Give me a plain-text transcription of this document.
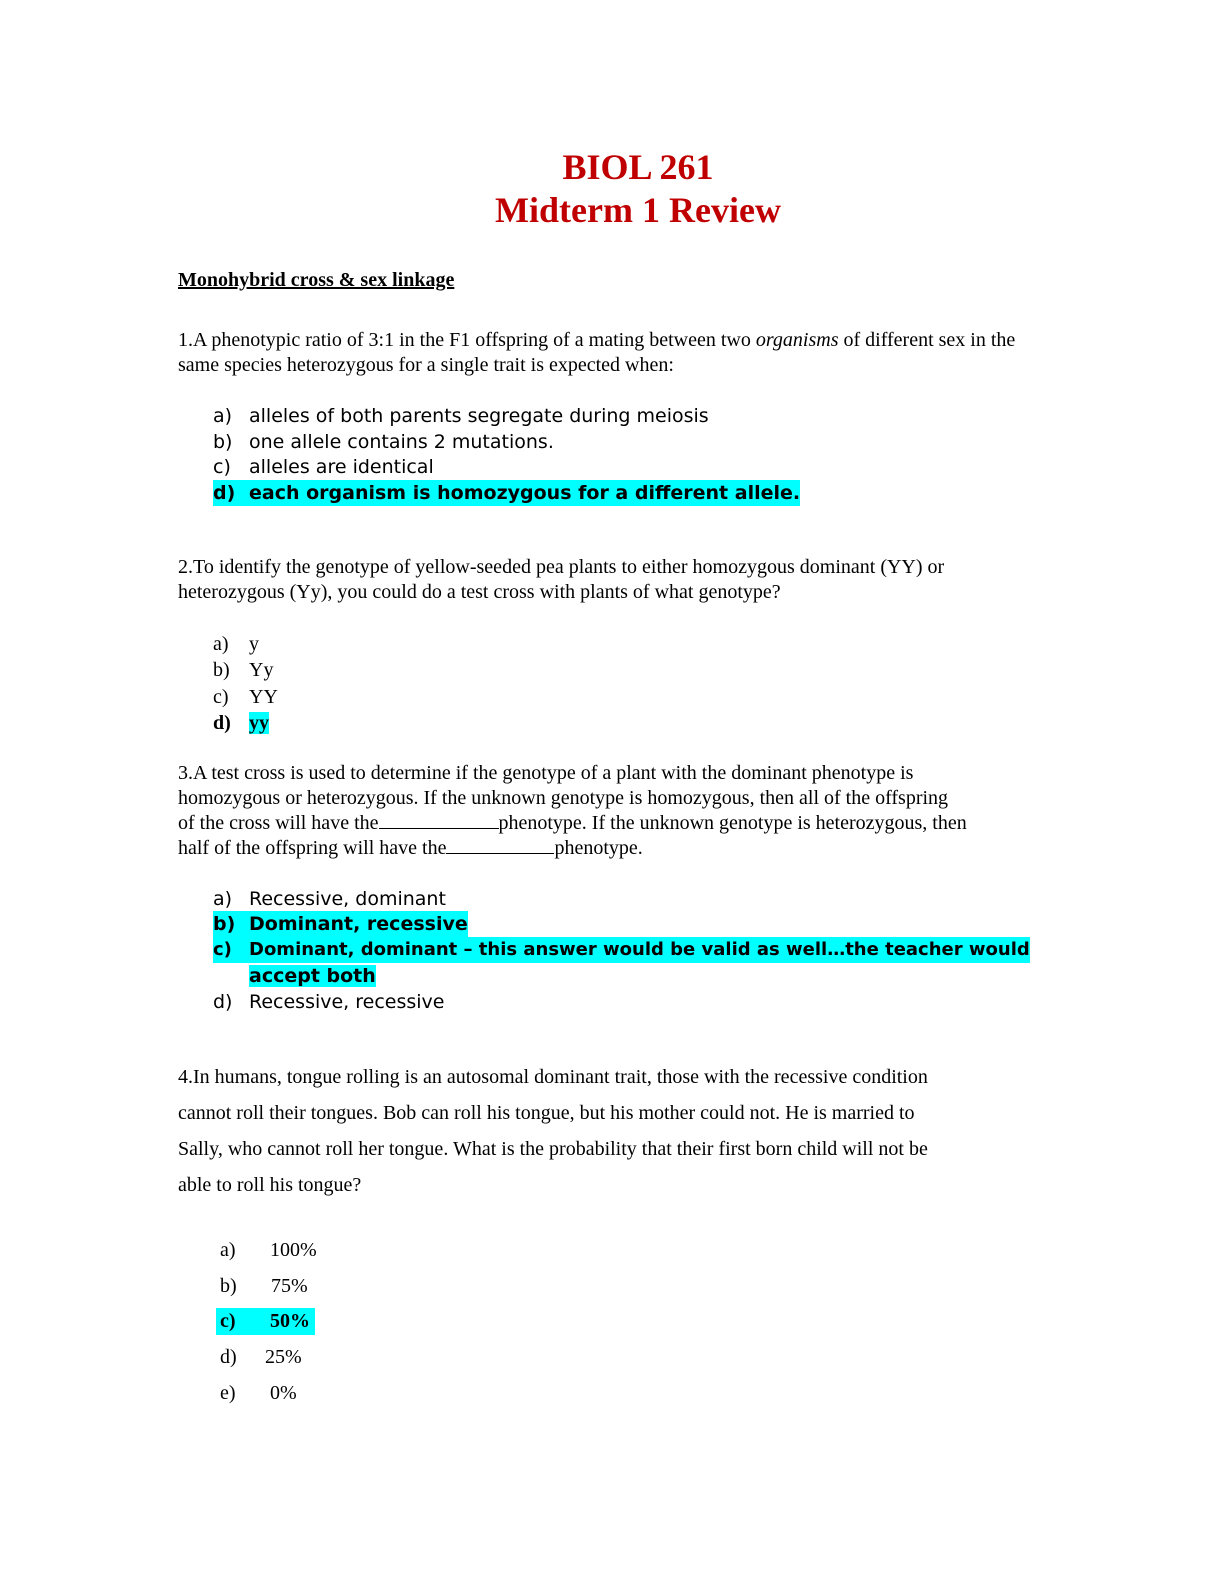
BIOL 261
Midterm 1 Review
Monohybrid cross & sex linkage
1.A phenotypic ratio of 3:1 in the F1 offspring of a mating between two organisms of different sex in the same species heterozygous for a single trait is expected when:
a) alleles of both parents segregate during meiosis
b) one allele contains 2 mutations.
c) alleles are identical
d) each organism is homozygous for a different allele.
2.To identify the genotype of yellow-seeded pea plants to either homozygous dominant (YY) or heterozygous (Yy), you could do a test cross with plants of what genotype?
a) y
b) Yy
c) YY
d) yy
3.A test cross is used to determine if the genotype of a plant with the dominant phenotype is
homozygous or heterozygous. If the unknown genotype is homozygous, then all of the offspring
of the cross will have the	phenotype. If the unknown genotype is heterozygous, then
half of the offspring will have the	phenotype.
a) Recessive, dominant
b) Dominant, recessive
c) Dominant, dominant – this answer would be valid as well…the teacher would
accept both
d) Recessive, recessive
4.In humans, tongue rolling is an autosomal dominant trait, those with the recessive condition
cannot roll their tongues. Bob can roll his tongue, but his mother could not. He is married to
Sally, who cannot roll her tongue. What is the probability that their first born child will not be
able to roll his tongue?
a) 100%
b) 75%
c) 50%
d) 25%
e) 0%
